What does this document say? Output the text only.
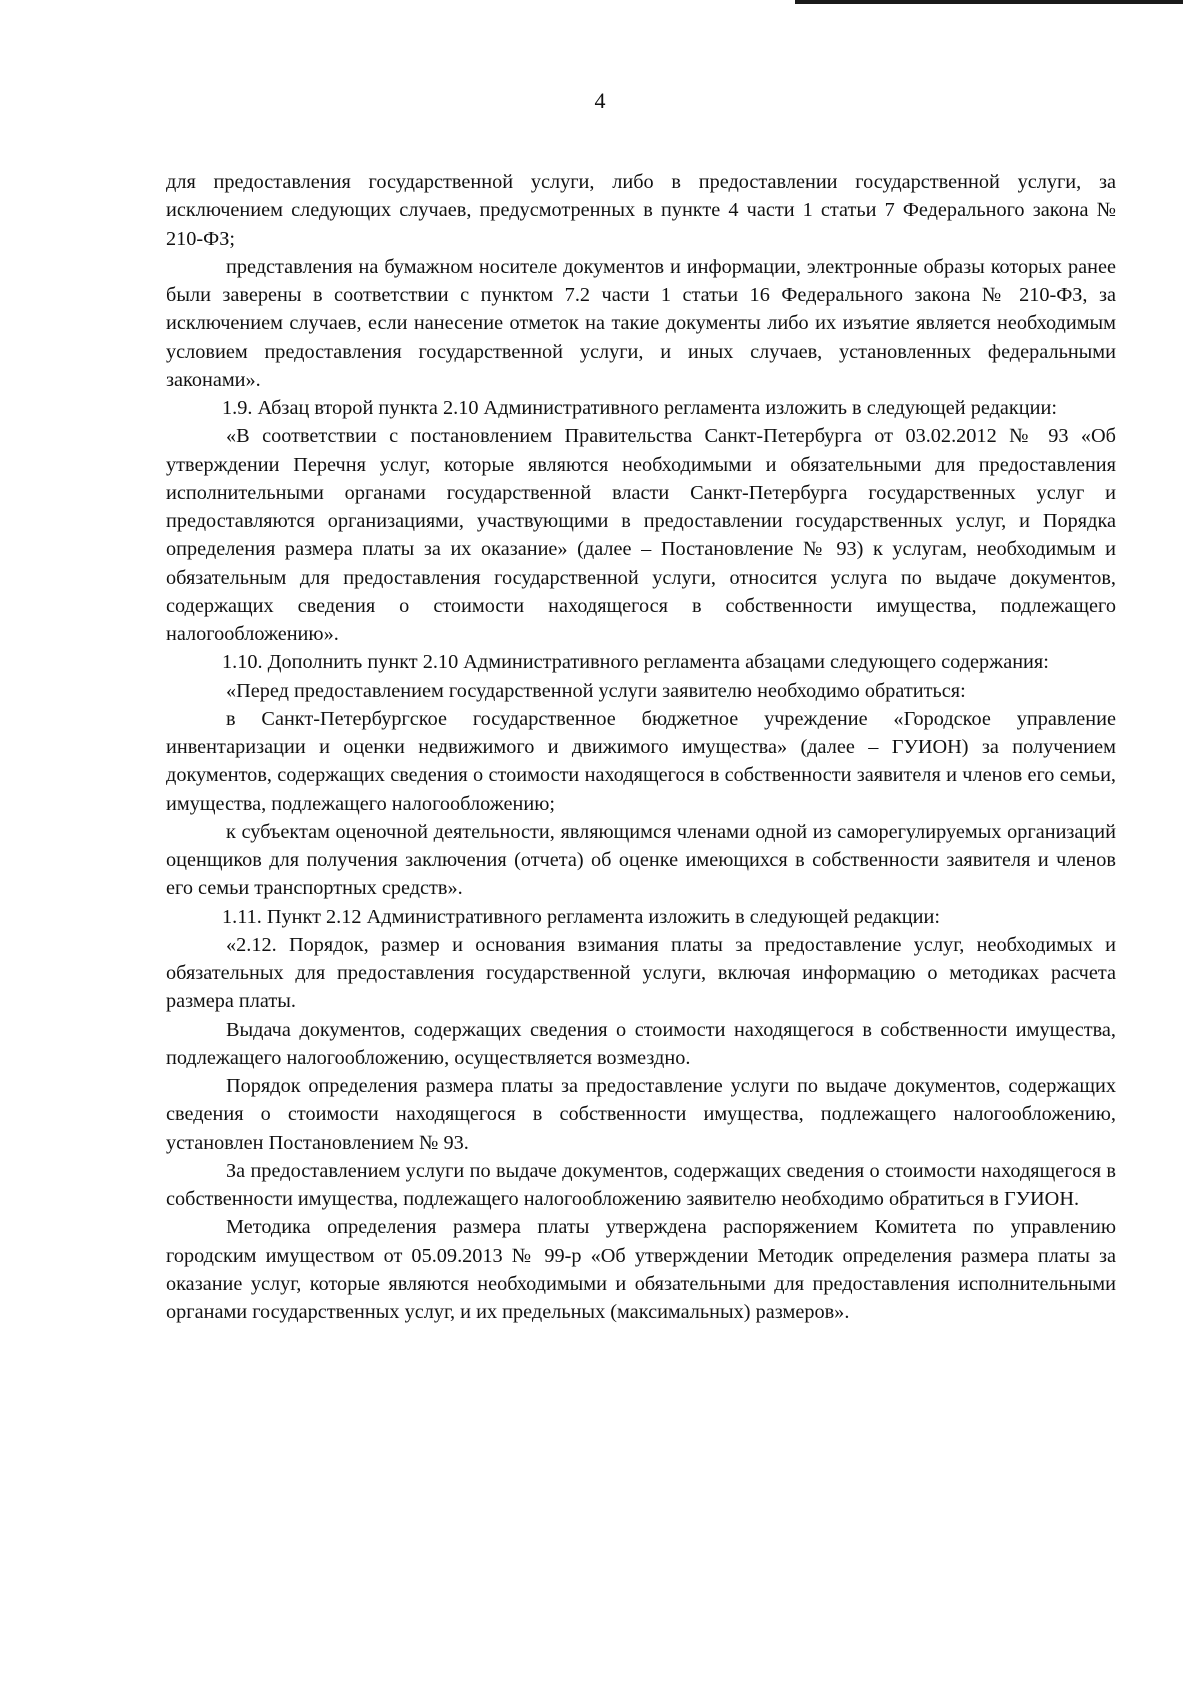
4

для предоставления государственной услуги, либо в предоставлении государственной услуги, за исключением следующих случаев, предусмотренных в пункте 4 части 1 статьи 7 Федерального закона № 210-ФЗ;

представления на бумажном носителе документов и информации, электронные образы которых ранее были заверены в соответствии с пунктом 7.2 части 1 статьи 16 Федерального закона № 210-ФЗ, за исключением случаев, если нанесение отметок на такие документы либо их изъятие является необходимым условием предоставления государственной услуги, и иных случаев, установленных федеральными законами».

1.9. Абзац второй пункта 2.10 Административного регламента изложить в следующей редакции:

«В соответствии с постановлением Правительства Санкт-Петербурга от 03.02.2012 № 93 «Об утверждении Перечня услуг, которые являются необходимыми и обязательными для предоставления исполнительными органами государственной власти Санкт-Петербурга государственных услуг и предоставляются организациями, участвующими в предоставлении государственных услуг, и Порядка определения размера платы за их оказание» (далее – Постановление № 93) к услугам, необходимым и обязательным для предоставления государственной услуги, относится услуга по выдаче документов, содержащих сведения о стоимости находящегося в собственности имущества, подлежащего налогообложению».

1.10. Дополнить пункт 2.10 Административного регламента абзацами следующего содержания:

«Перед предоставлением государственной услуги заявителю необходимо обратиться:

в Санкт-Петербургское государственное бюджетное учреждение «Городское управление инвентаризации и оценки недвижимого и движимого имущества» (далее – ГУИОН) за получением документов, содержащих сведения о стоимости находящегося в собственности заявителя и членов его семьи, имущества, подлежащего налогообложению;

к субъектам оценочной деятельности, являющимся членами одной из саморегулируемых организаций оценщиков для получения заключения (отчета) об оценке имеющихся в собственности заявителя и членов его семьи транспортных средств».

1.11. Пункт 2.12 Административного регламента изложить в следующей редакции:

«2.12. Порядок, размер и основания взимания платы за предоставление услуг, необходимых и обязательных для предоставления государственной услуги, включая информацию о методиках расчета размера платы.

Выдача документов, содержащих сведения о стоимости находящегося в собственности имущества, подлежащего налогообложению, осуществляется возмездно.

Порядок определения размера платы за предоставление услуги по выдаче документов, содержащих сведения о стоимости находящегося в собственности имущества, подлежащего налогообложению, установлен Постановлением № 93.

За предоставлением услуги по выдаче документов, содержащих сведения о стоимости находящегося в собственности имущества, подлежащего налогообложению заявителю необходимо обратиться в ГУИОН.

Методика определения размера платы утверждена распоряжением Комитета по управлению городским имуществом от 05.09.2013 № 99-р «Об утверждении Методик определения размера платы за оказание услуг, которые являются необходимыми и обязательными для предоставления исполнительными органами государственных услуг, и их предельных (максимальных) размеров».
